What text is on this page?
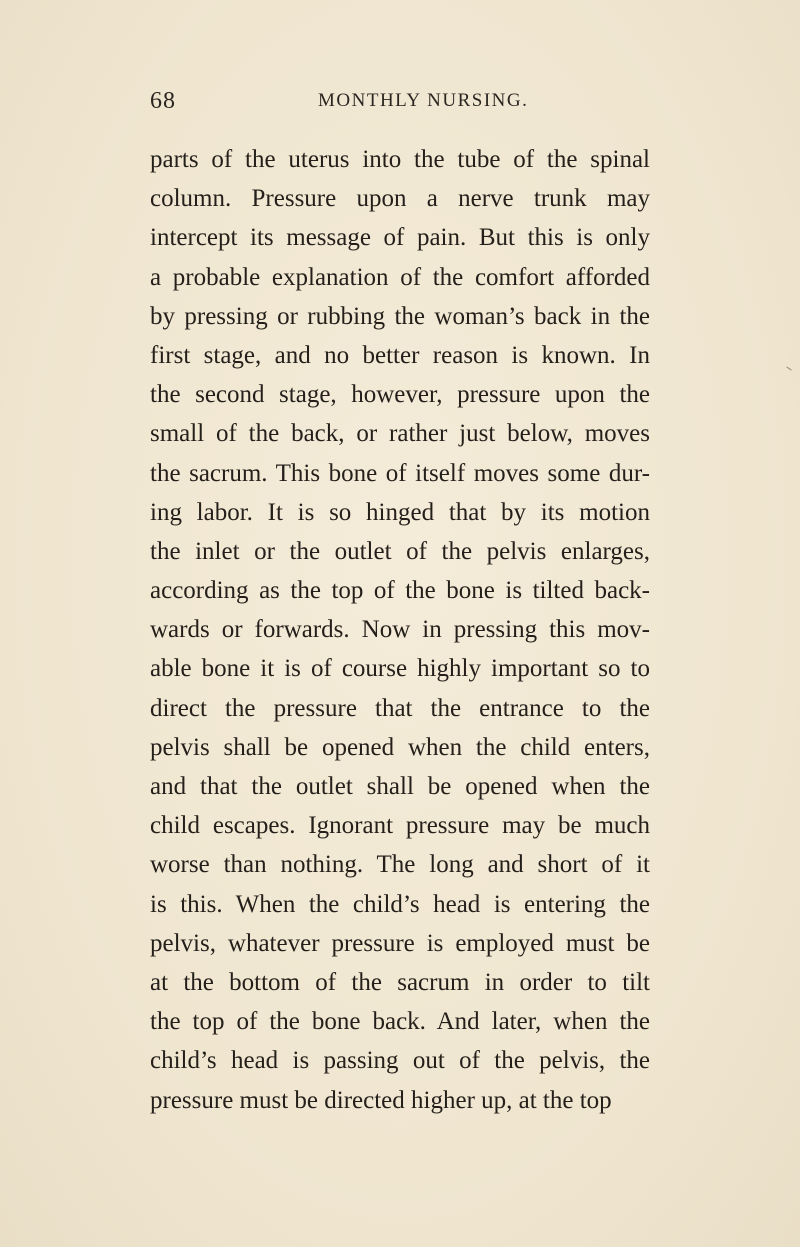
68	MONTHLY NURSING.
parts of the uterus into the tube of the spinal
column. Pressure upon a nerve trunk may
intercept its message of pain. But this is only
a probable explanation of the comfort afforded
by pressing or rubbing the woman’s back in the
first stage, and no better reason is known. In
the second stage, however, pressure upon the
small of the back, or rather just below, moves
the sacrum. This bone of itself moves some dur-
ing labor. It is so hinged that by its motion
the inlet or the outlet of the pelvis enlarges,
according as the top of the bone is tilted back-
wards or forwards. Now in pressing this mov-
able bone it is of course highly important so to
direct the pressure that the entrance to the
pelvis shall be opened when the child enters,
and that the outlet shall be opened when the
child escapes. Ignorant pressure may be much
worse than nothing. The long and short of it
is this. When the child’s head is entering the
pelvis, whatever pressure is employed must be
at the bottom of the sacrum in order to tilt
the top of the bone back. And later, when the
child’s head is passing out of the pelvis, the
pressure must be directed higher up, at the top
